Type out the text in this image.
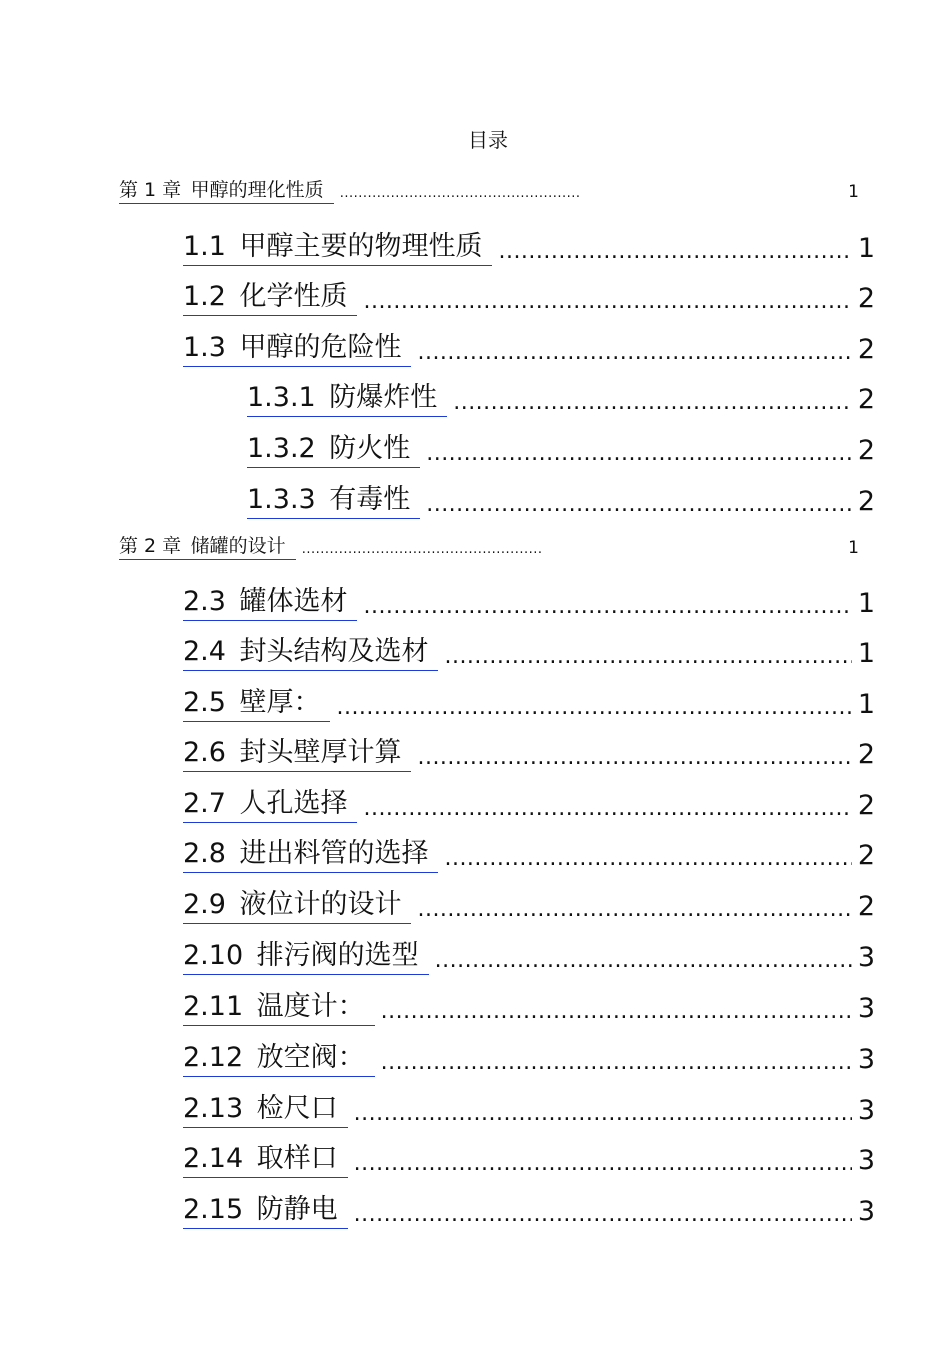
目录
第 1 章 甲醇的理化性质 .....	1
1.1 甲醇主要的物理性质 .....	1
1.2 化学性质 .....	2
1.3 甲醇的危险性 .....	2
1.3.1 防爆炸性 .....	2
1.3.2 防火性 .....	2
1.3.3 有毒性 .....	2
第 2 章 储罐的设计 .....	1
2.3 罐体选材 .....	1
2.4 封头结构及选材 .....	1
2.5 壁厚： .....	1
2.6 封头壁厚计算 .....	2
2.7 人孔选择 .....	2
2.8 进出料管的选择 .....	2
2.9 液位计的设计 .....	2
2.10 排污阀的选型 .....	3
2.11 温度计： .....	3
2.12 放空阀： .....	3
2.13 检尺口 .....	3
2.14 取样口 .....	3
2.15 防静电 .....	3
